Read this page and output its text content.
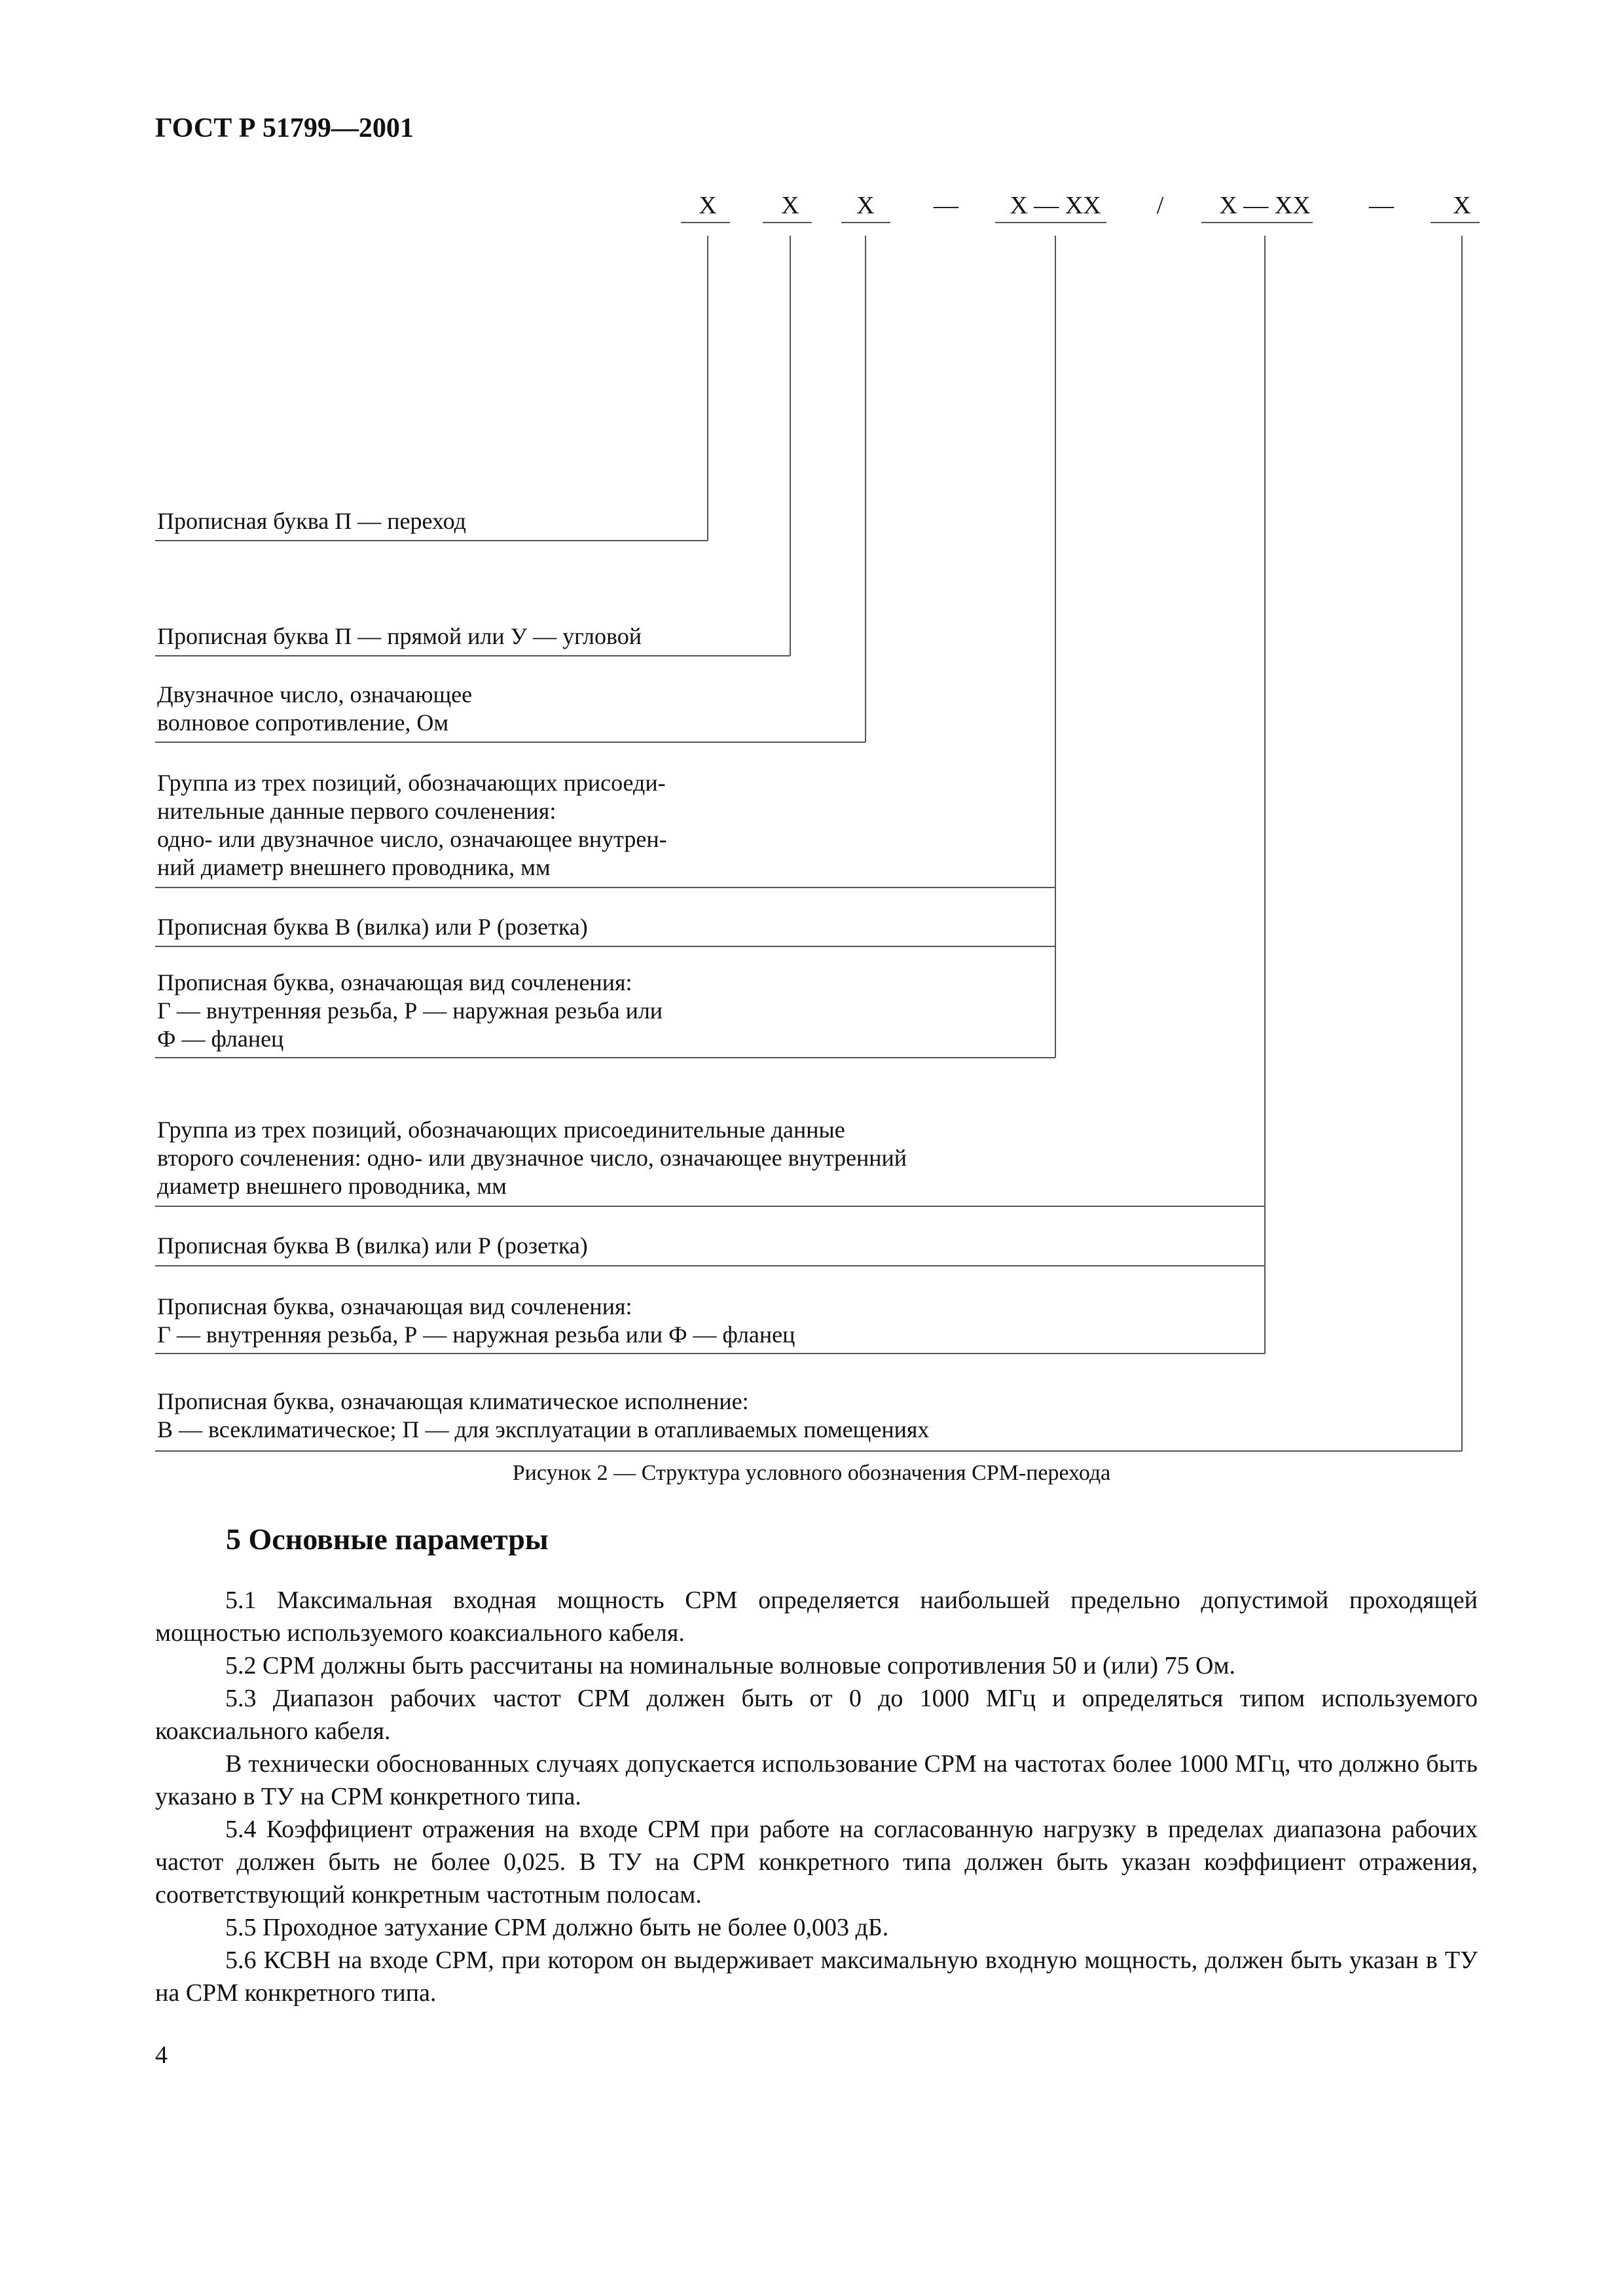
ГОСТ Р 51799—2001
Х	Х Х — Х — ХХ / Х — ХХ — Х
Прописная буква П — переход
Прописная буква П — прямой или У — угловой
Двузначное число, означающее
волновое сопротивление, Ом
Группа из трех позиций, обозначающих присоеди-
нительные данные первого сочленения:
одно- или двузначное число, означающее внутрен-
ний диаметр внешнего проводника, мм
Прописная буква В (вилка) или Р (розетка)
Прописная буква, означающая вид сочленения:
Г — внутренняя резьба, Р — наружная резьба или
Ф — фланец
Группа из трех позиций, обозначающих присоединительные данные
второго сочленения: одно- или двузначное число, означающее внутренний
диаметр внешнего проводника, мм
Прописная буква В (вилка) или Р (розетка)
Прописная буква, означающая вид сочленения:
Г — внутренняя резьба, Р — наружная резьба или Ф — фланец
Прописная буква, означающая климатическое исполнение:
В — всеклиматическое; П — для эксплуатации в отапливаемых помещениях
Рисунок 2 — Структура условного обозначения СРМ-перехода
5 Основные параметры

5.1 Максимальная входная мощность СРМ определяется наибольшей предельно допустимой проходящей мощностью используемого коаксиального кабеля.

5.2 СРМ должны быть рассчитаны на номинальные волновые сопротивления 50 и (или) 75 Ом.

5.3 Диапазон рабочих частот СРМ должен быть от 0 до 1000 МГц и определяться типом используемого коаксиального кабеля.

В технически обоснованных случаях допускается использование СРМ на частотах более 1000 МГц, что должно быть указано в ТУ на СРМ конкретного типа.

5.4 Коэффициент отражения на входе СРМ при работе на согласованную нагрузку в пределах диапазона рабочих частот должен быть не более 0,025. В ТУ на СРМ конкретного типа должен быть указан коэффициент отражения, соответствующий конкретным частотным полосам.

5.5 Проходное затухание СРМ должно быть не более 0,003 дБ.

5.6 КСВН на входе СРМ, при котором он выдерживает максимальную входную мощность, должен быть указан в ТУ на СРМ конкретного типа.

4
